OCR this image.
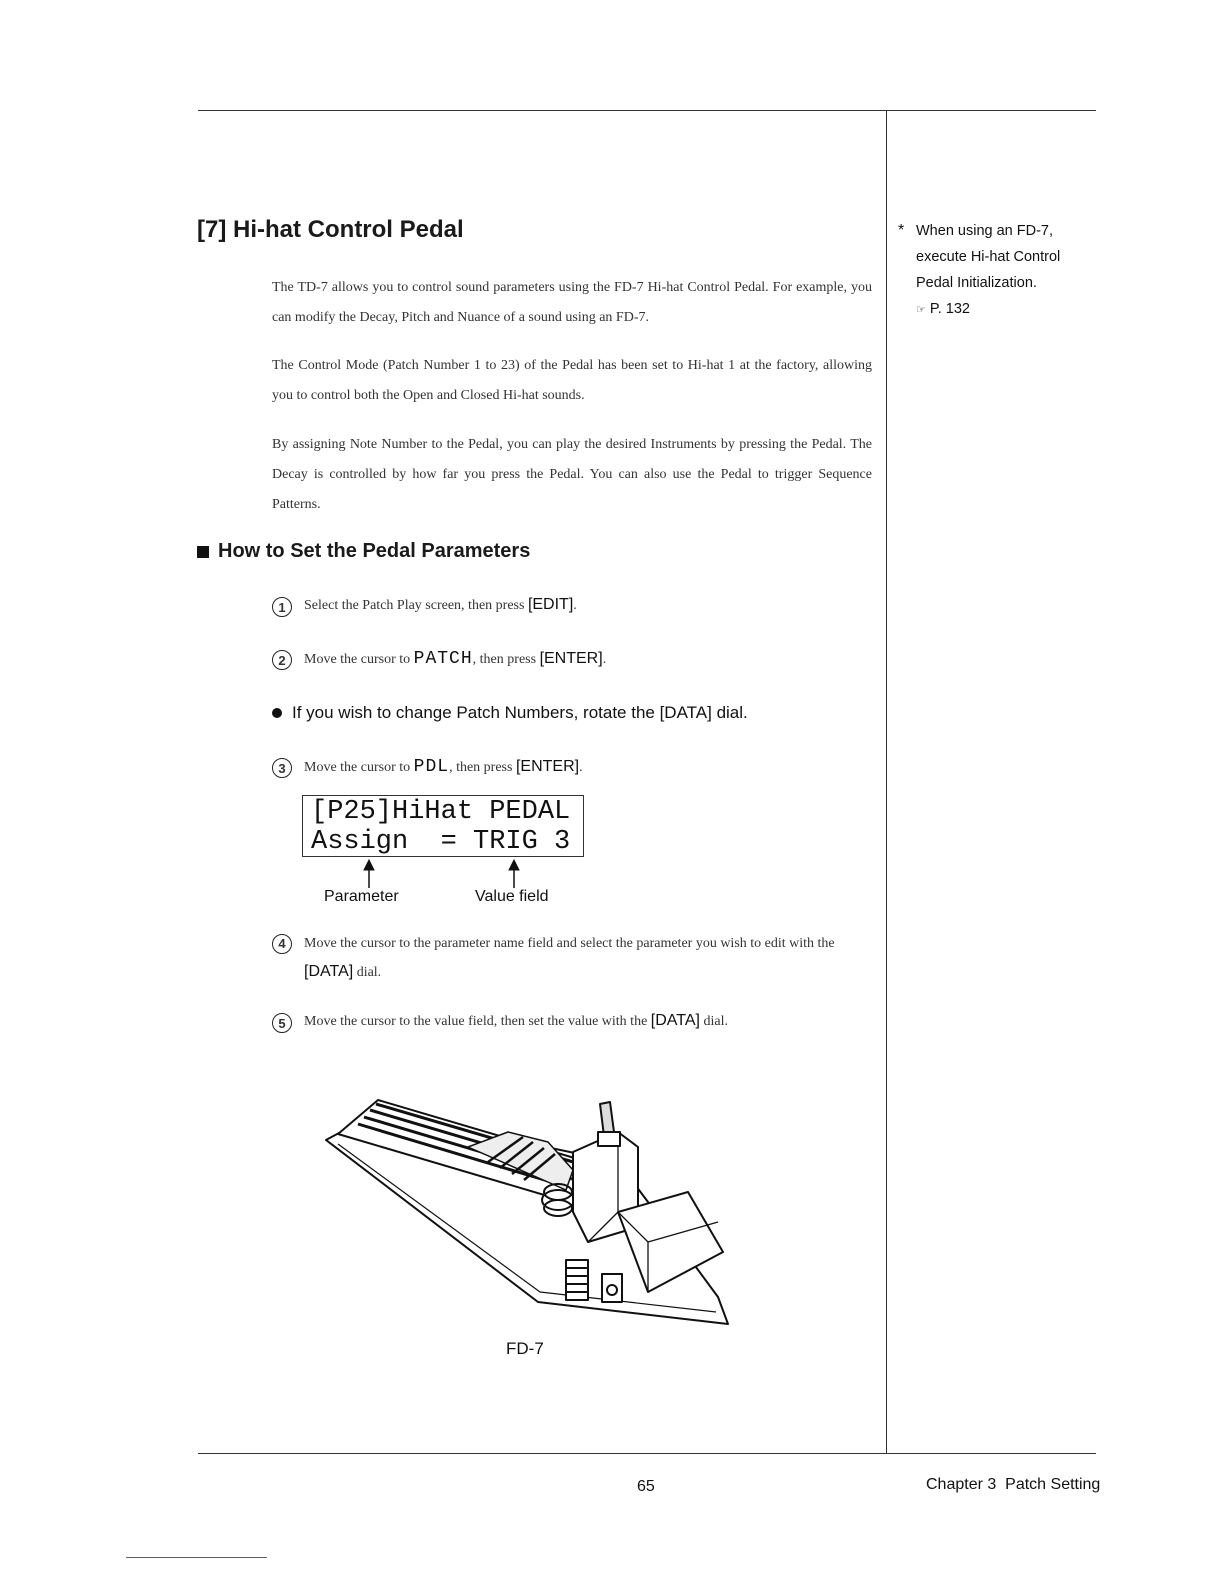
[7] Hi-hat Control Pedal

The TD-7 allows you to control sound parameters using the FD-7 Hi-hat Control Pedal. For example, you can modify the Decay, Pitch and Nuance of a sound using an FD-7.

The Control Mode (Patch Number 1 to 23) of the Pedal has been set to Hi-hat 1 at the factory, allowing you to control both the Open and Closed Hi-hat sounds.

By assigning Note Number to the Pedal, you can play the desired Instruments by pressing the Pedal. The Decay is controlled by how far you press the Pedal. You can also use the Pedal to trigger Sequence Patterns.

How to Set the Pedal Parameters
1	Select the Patch Play screen, then press [EDIT].
2	Move the cursor to PATCH, then press [ENTER].
If you wish to change Patch Numbers, rotate the [DATA] dial.
3	Move the cursor to PDL, then press [ENTER].
[P25]HiHat PEDAL
Assign  = TRIG 3
Parameter	Value field
4	Move the cursor to the parameter name field and select the parameter you wish to edit with the [DATA] dial.
5	Move the cursor to the value field, then set the value with the [DATA] dial.
FD-7
* When using an FD-7, execute Hi-hat Control Pedal Initialization.
☞ P. 132
65	Chapter 3  Patch Setting
